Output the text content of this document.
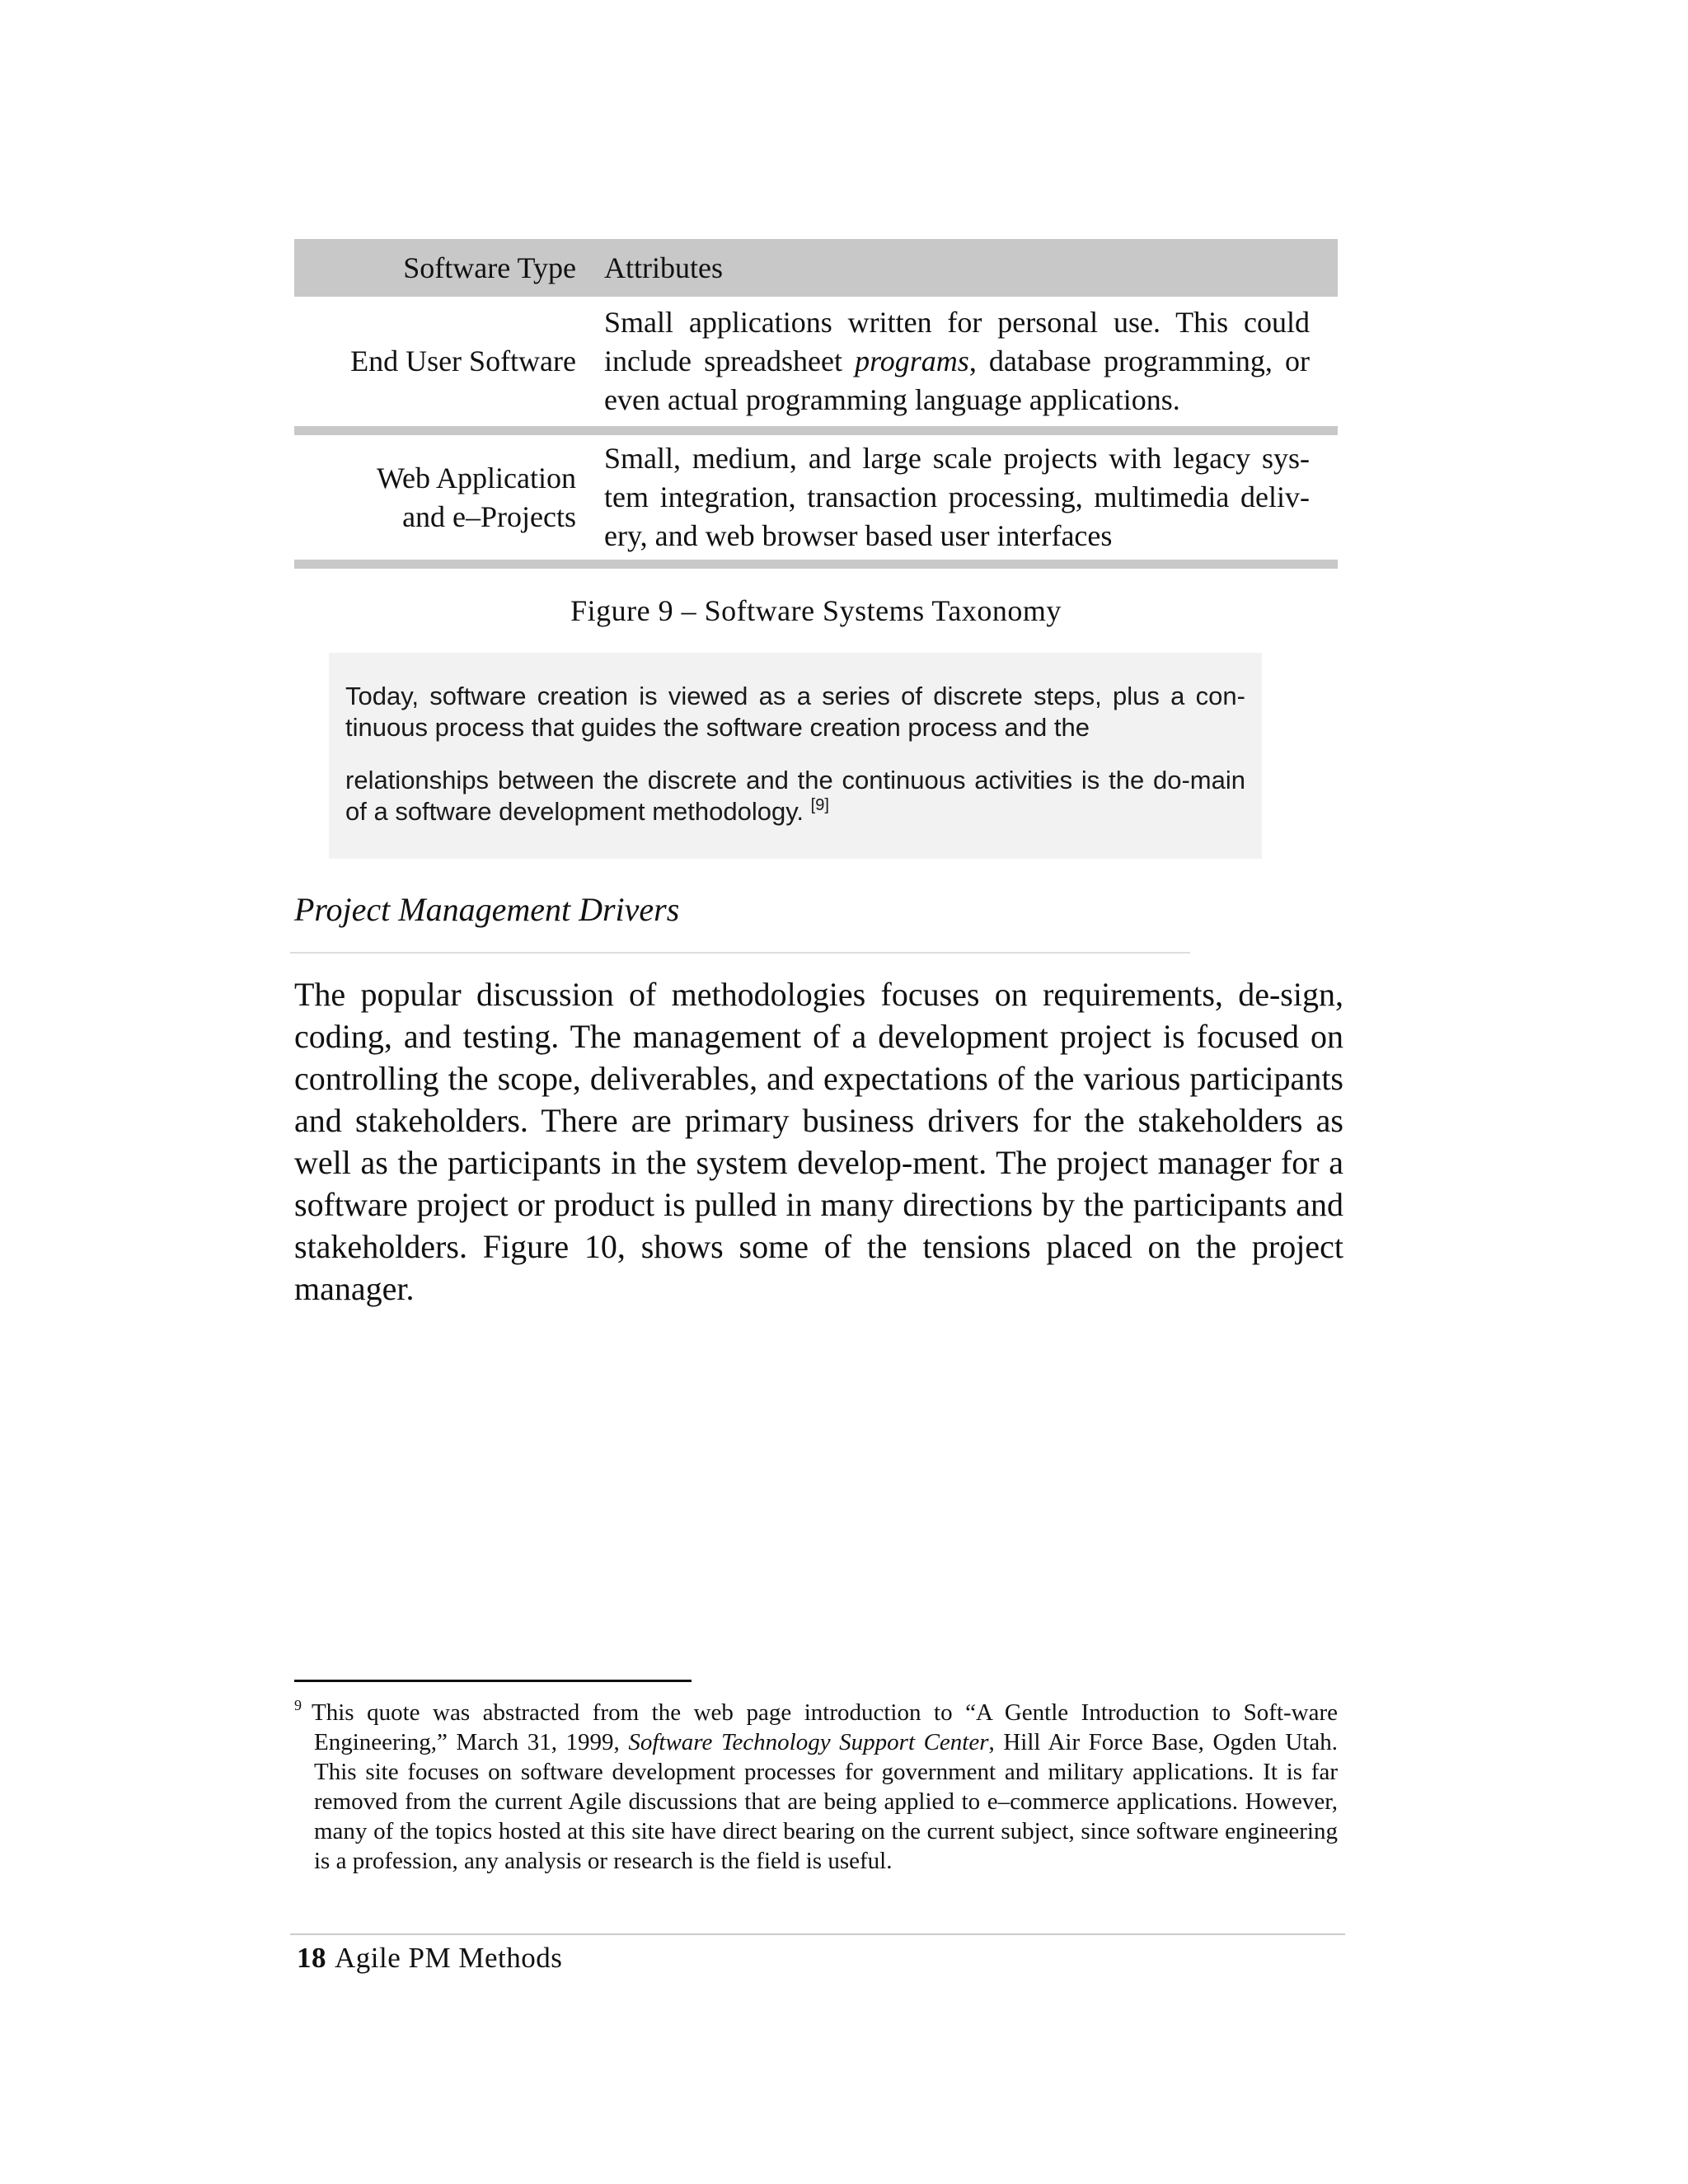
Software Type Attributes
End User Software
Small applications written for personal use. This could include spreadsheet programs, database programming, or even actual programming language applications.
Web Application
and e–Projects
Small, medium, and large scale projects with legacy sys-tem integration, transaction processing, multimedia deliv-ery, and web browser based user interfaces
Figure 9 – Software Systems Taxonomy

Today, software creation is viewed as a series of discrete steps, plus a con-tinuous process that guides the software creation process and the

relationships between the discrete and the continuous activities is the do-main of a software development methodology. [9]

Project Management Drivers

The popular discussion of methodologies focuses on requirements, de-sign, coding, and testing. The management of a development project is focused on controlling the scope, deliverables, and expectations of the various participants and stakeholders. There are primary business drivers for the stakeholders as well as the participants in the system develop-ment. The project manager for a software project or product is pulled in many directions by the participants and stakeholders. Figure 10, shows some of the tensions placed on the project manager.

$^9$ This quote was abstracted from the web page introduction to “A Gentle Introduction to Soft-ware Engineering,” March 31, 1999, Software Technology Support Center, Hill Air Force Base, Ogden Utah. This site focuses on software development processes for government and military applications. It is far removed from the current Agile discussions that are being applied to e–commerce applications. However, many of the topics hosted at this site have direct bearing on the current subject, since software engineering is a profession, any analysis or research is the field is useful.

18 Agile PM Methods
